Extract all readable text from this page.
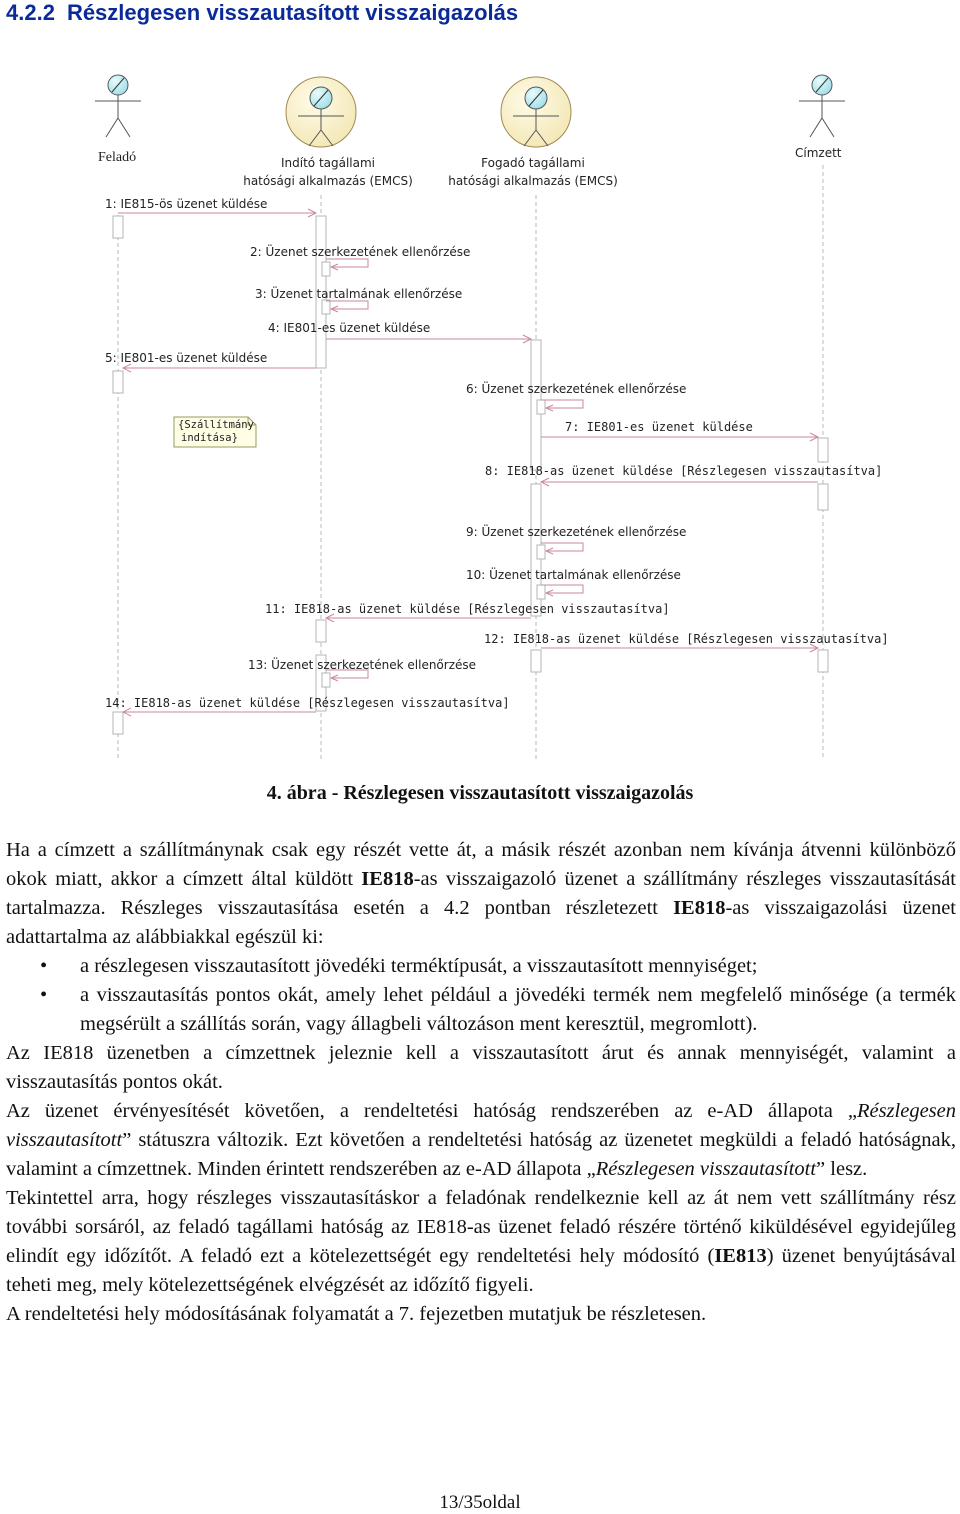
4.2.2 Részlegesen visszautasított visszaigazolás
Feladó	Címzett
Indító tagállami
hatósági alkalmazás (EMCS)
Fogadó tagállami
hatósági alkalmazás (EMCS)
1: IE815-ös üzenet küldése
2: Üzenet szerkezetének ellenőrzése
3: Üzenet tartalmának ellenőrzése
4: IE801-es üzenet küldése
5: IE801-es üzenet küldése
6: Üzenet szerkezetének ellenőrzése
7: IE801-es üzenet küldése
8: IE818-as üzenet küldése [Részlegesen visszautasítva]
9: Üzenet szerkezetének ellenőrzése
10: Üzenet tartalmának ellenőrzése
11: IE818-as üzenet küldése [Részlegesen visszautasítva]
12: IE818-as üzenet küldése [Részlegesen visszautasítva]
13: Üzenet szerkezetének ellenőrzése
14: IE818-as üzenet küldése [Részlegesen visszautasítva]
{Szállítmány
indítása}

4. ábra - Részlegesen visszautasított visszaigazolás

Ha a címzett a szállítmánynak csak egy részét vette át, a másik részét azonban nem kívánja átvenni különböző okok miatt, akkor a címzett által küldött IE818-as visszaigazoló üzenet a szállítmány részleges visszautasítását tartalmazza. Részleges visszautasítása esetén a 4.2 pontban részletezett IE818-as visszaigazolási üzenet adattartalma az alábbiakkal egészül ki:

• a részlegesen visszautasított jövedéki terméktípusát, a visszautasított mennyiséget;
• a visszautasítás pontos okát, amely lehet például a jövedéki termék nem megfelelő minősége (a termék megsérült a szállítás során, vagy állagbeli változáson ment keresztül, megromlott).

Az IE818 üzenetben a címzettnek jeleznie kell a visszautasított árut és annak mennyiségét, valamint a visszautasítás pontos okát.

Az üzenet érvényesítését követően, a rendeltetési hatóság rendszerében az e-AD állapota „Részlegesen visszautasított” státuszra változik. Ezt követően a rendeltetési hatóság az üzenetet megküldi a feladó hatóságnak, valamint a címzettnek. Minden érintett rendszerében az e-AD állapota „Részlegesen visszautasított” lesz.

Tekintettel arra, hogy részleges visszautasításkor a feladónak rendelkeznie kell az át nem vett szállítmány rész további sorsáról, az feladó tagállami hatóság az IE818-as üzenet feladó részére történő kiküldésével egyidejűleg elindít egy időzítőt. A feladó ezt a kötelezettségét egy rendeltetési hely módosító (IE813) üzenet benyújtásával teheti meg, mely kötelezettségének elvégzését az időzítő figyeli.

A rendeltetési hely módosításának folyamatát a 7. fejezetben mutatjuk be részletesen.

13/35oldal
